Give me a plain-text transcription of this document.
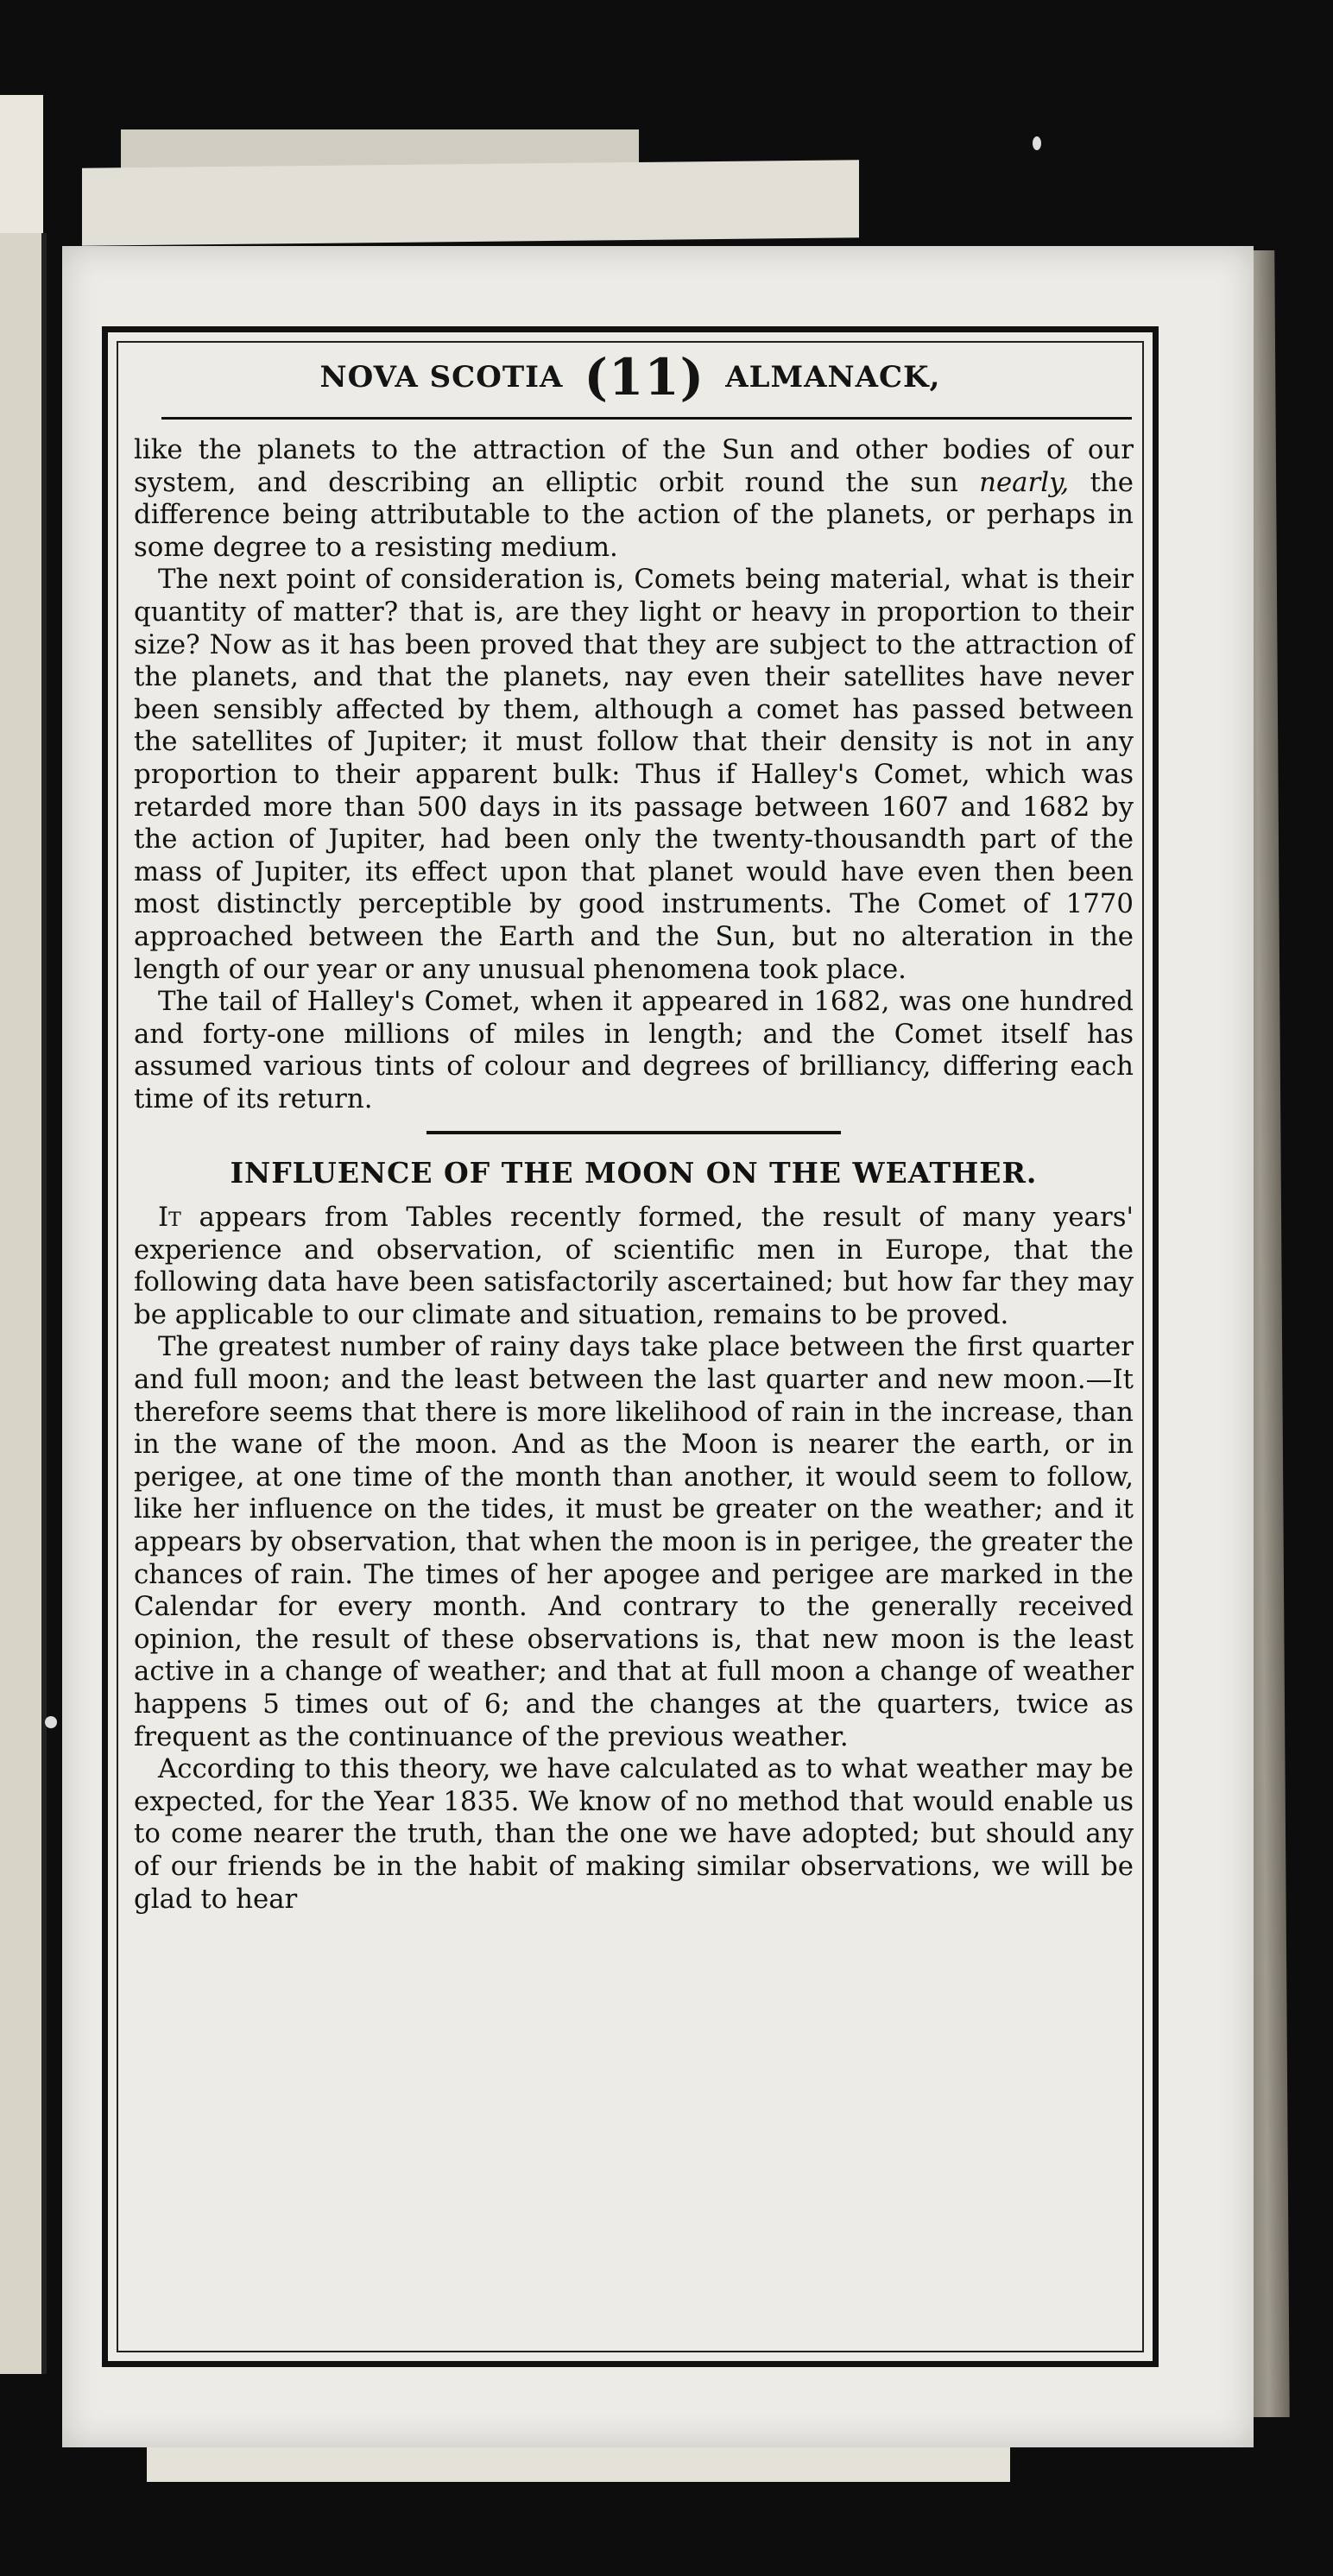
NOVA SCOTIA (11) ALMANACK,

like the planets to the attraction of the Sun and other bodies of our system, and describing an elliptic orbit round the sun nearly, the difference being attributable to the action of the planets, or perhaps in some degree to a resisting medium.

The next point of consideration is, Comets being material, what is their quantity of matter? that is, are they light or heavy in proportion to their size? Now as it has been proved that they are subject to the attraction of the planets, and that the planets, nay even their satellites have never been sensibly affected by them, although a comet has passed between the satellites of Jupiter; it must follow that their density is not in any proportion to their apparent bulk: Thus if Halley's Comet, which was retarded more than 500 days in its passage between 1607 and 1682 by the action of Jupiter, had been only the twenty-thousandth part of the mass of Jupiter, its effect upon that planet would have even then been most distinctly perceptible by good instruments. The Comet of 1770 approached between the Earth and the Sun, but no alteration in the length of our year or any unusual phenomena took place.

The tail of Halley's Comet, when it appeared in 1682, was one hundred and forty-one millions of miles in length; and the Comet itself has assumed various tints of colour and degrees of brilliancy, differing each time of its return.

INFLUENCE OF THE MOON ON THE WEATHER.

It appears from Tables recently formed, the result of many years' experience and observation, of scientific men in Europe, that the following data have been satisfactorily ascertained; but how far they may be applicable to our climate and situation, remains to be proved.

The greatest number of rainy days take place between the first quarter and full moon; and the least between the last quarter and new moon.—It therefore seems that there is more likelihood of rain in the increase, than in the wane of the moon. And as the Moon is nearer the earth, or in perigee, at one time of the month than another, it would seem to follow, like her influence on the tides, it must be greater on the weather; and it appears by observation, that when the moon is in perigee, the greater the chances of rain. The times of her apogee and perigee are marked in the Calendar for every month. And contrary to the generally received opinion, the result of these observations is, that new moon is the least active in a change of weather; and that at full moon a change of weather happens 5 times out of 6; and the changes at the quarters, twice as frequent as the continuance of the previous weather.

According to this theory, we have calculated as to what weather may be expected, for the Year 1835. We know of no method that would enable us to come nearer the truth, than the one we have adopted; but should any of our friends be in the habit of making similar observations, we will be glad to hear
